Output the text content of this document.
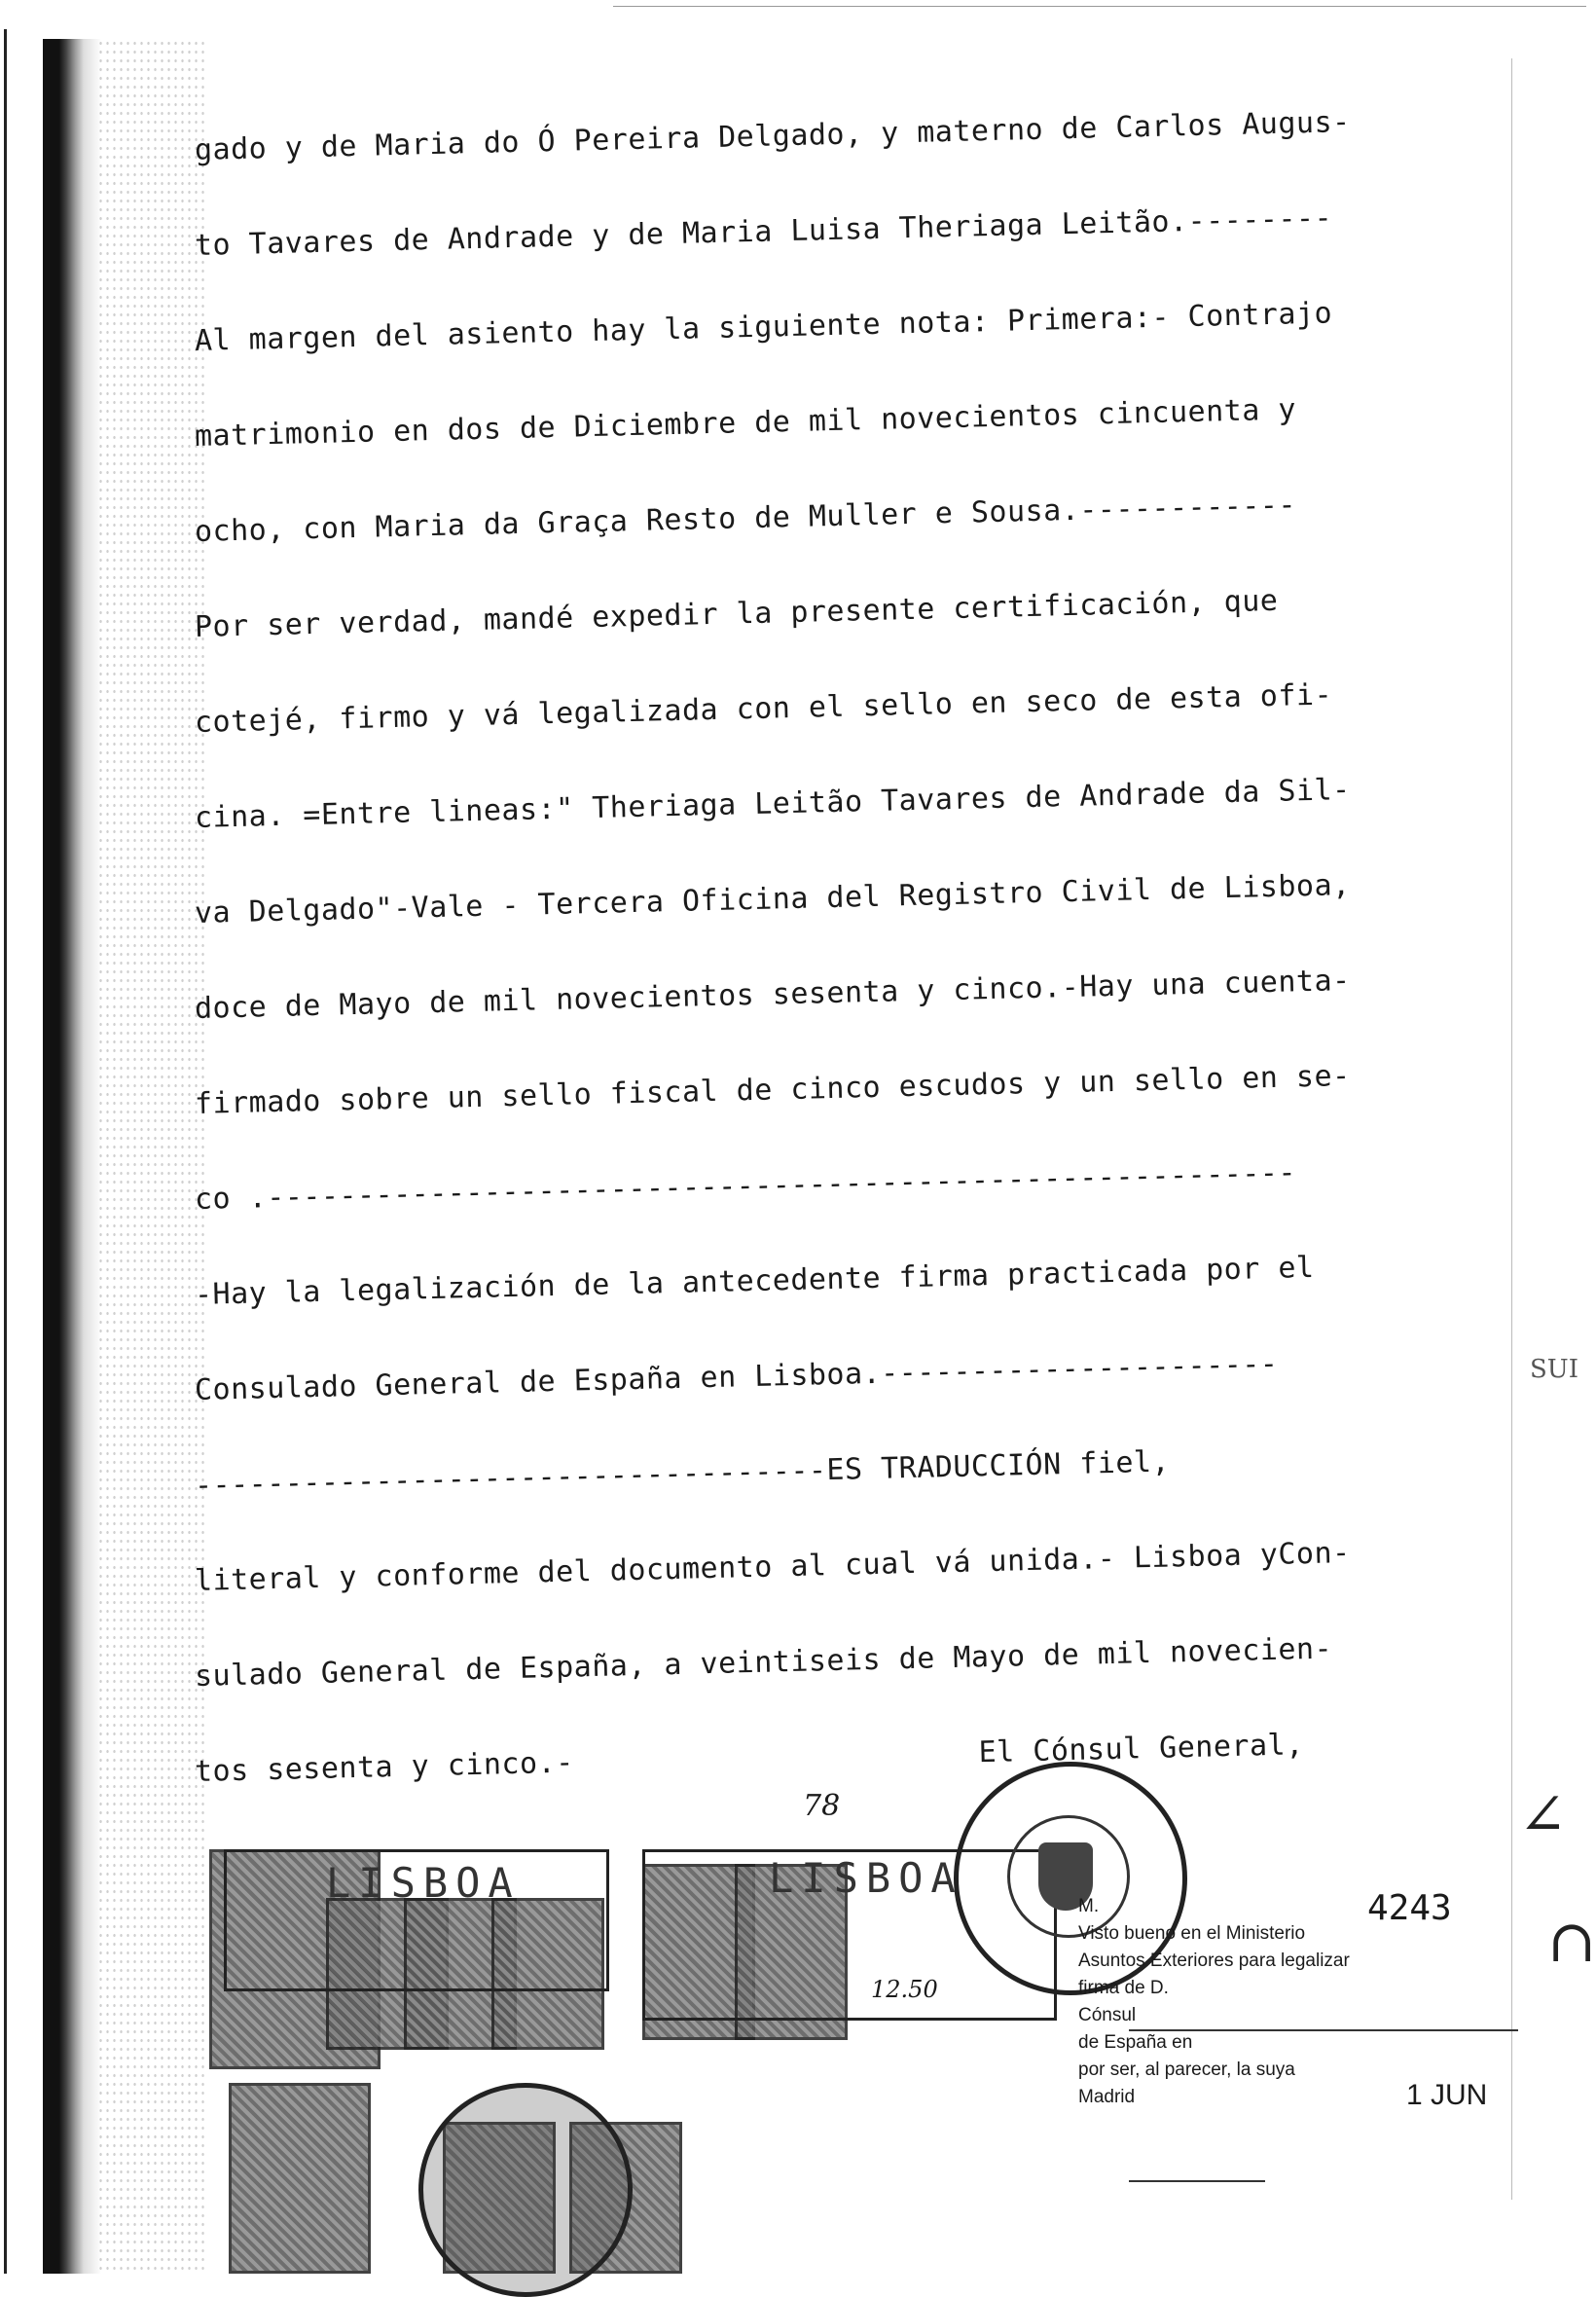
gado y de Maria do Ó Pereira Delgado, y materno de Carlos Augus-
to Tavares de Andrade y de Maria Luisa Theriaga Leitão.--------
Al margen del asiento hay la siguiente nota: Primera:- Contrajo
matrimonio en dos de Diciembre de mil novecientos cincuenta y
ocho, con Maria da Graça Resto de Muller e Sousa.------------
Por ser verdad, mandé expedir la presente certificación, que
cotejé, firmo y vá legalizada con el sello en seco de esta ofi-
cina. =Entre lineas:" Theriaga Leitão Tavares de Andrade da Sil-
va Delgado"-Vale - Tercera Oficina del Registro Civil de Lisboa,
doce de Mayo de mil novecientos sesenta y cinco.-Hay una cuenta-
firmado sobre un sello fiscal de cinco escudos y un sello en se-
co .---------------------------------------------------------
-Hay la legalización de la antecedente firma practicada por el
Consulado General de España en Lisboa.----------------------
-----------------------------------ES TRADUCCIÓN fiel,
literal y conforme del documento al cual vá unida.- Lisboa yCon-
sulado General de España, a veintiseis de Mayo de mil novecien-
tos sesenta y cinco.-	El Cónsul General,
SUI
LISBOA	LISBOA
12.50
78
4243
M.
Visto bueno en el Ministerio
Asuntos Exteriores para legalizar
firma de D.
Cónsul
de España en
por ser, al parecer, la suya
Madrid	1 JUN
∠
∩
